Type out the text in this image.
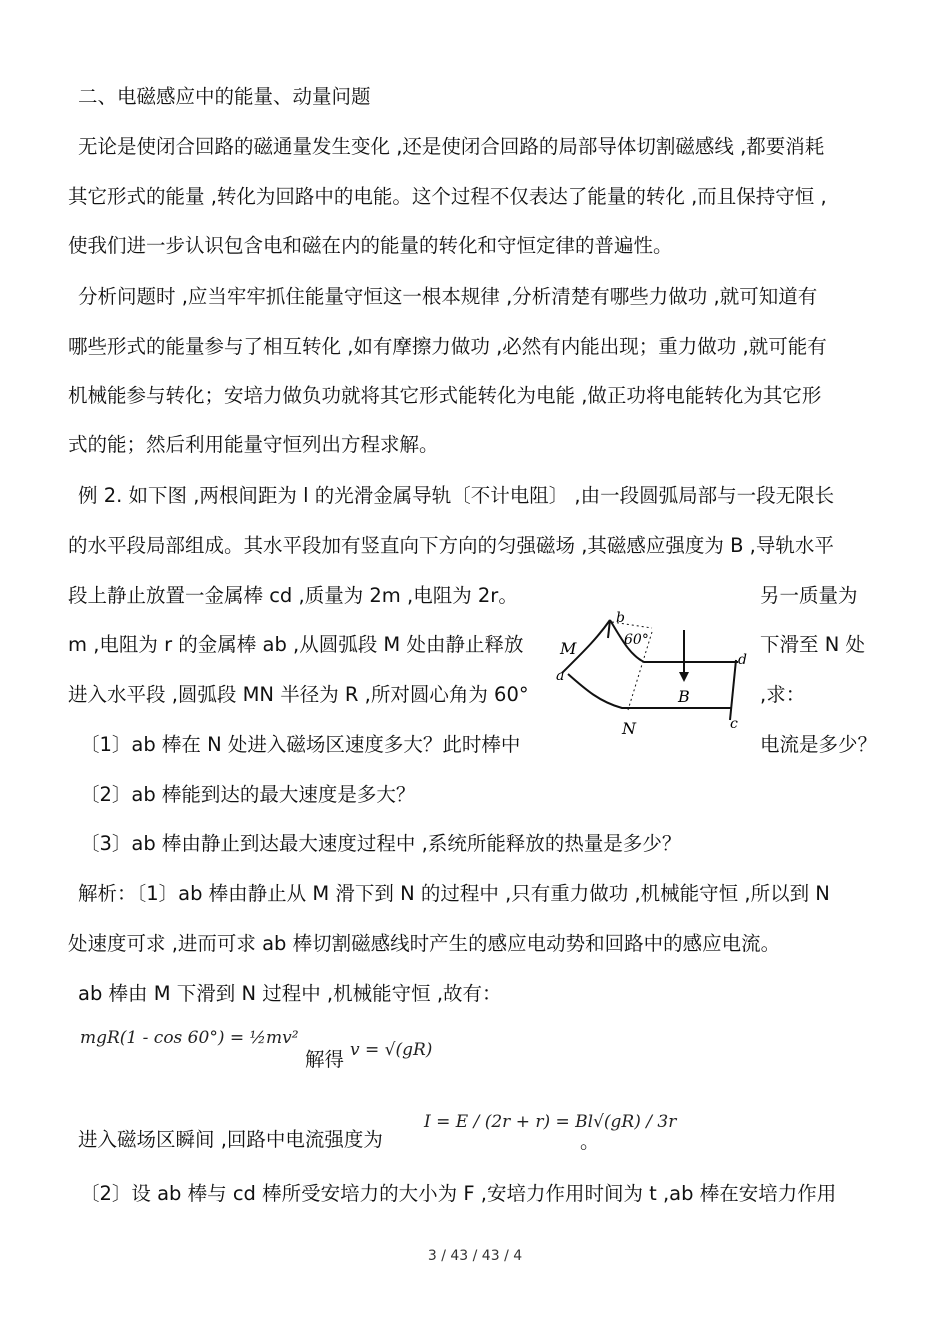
二、电磁感应中的能量、动量问题
无论是使闭合回路的磁通量发生变化 ,还是使闭合回路的局部导体切割磁感线 ,都要消耗
其它形式的能量 ,转化为回路中的电能。这个过程不仅表达了能量的转化 ,而且保持守恒 ,
使我们进一步认识包含电和磁在内的能量的转化和守恒定律的普遍性。
分析问题时 ,应当牢牢抓住能量守恒这一根本规律 ,分析清楚有哪些力做功 ,就可知道有
哪些形式的能量参与了相互转化 ,如有摩擦力做功 ,必然有内能出现；重力做功 ,就可能有
机械能参与转化；安培力做负功就将其它形式能转化为电能 ,做正功将电能转化为其它形
式的能；然后利用能量守恒列出方程求解。
例 2. 如下图 ,两根间距为 l 的光滑金属导轨〔不计电阻〕 ,由一段圆弧局部与一段无限长
的水平段局部组成。其水平段加有竖直向下方向的匀强磁场 ,其磁感应强度为 B ,导轨水平
段上静止放置一金属棒 cd ,质量为 2m ,电阻为 2r。	另一质量为
m ,电阻为 r 的金属棒 ab ,从圆弧段 M 处由静止释放	下滑至 N 处
进入水平段 ,圆弧段 MN 半径为 R ,所对圆心角为 60°	,求：
〔1〕ab 棒在 N 处进入磁场区速度多大？此时棒中	电流是多少？
〔2〕ab 棒能到达的最大速度是多大？
〔3〕ab 棒由静止到达最大速度过程中 ,系统所能释放的热量是多少？
解析：〔1〕ab 棒由静止从 M 滑下到 N 的过程中 ,只有重力做功 ,机械能守恒 ,所以到 N
处速度可求 ,进而可求 ab 棒切割磁感线时产生的感应电动势和回路中的感应电流。
ab 棒由 M 下滑到 N 过程中 ,机械能守恒 ,故有：
mgR(1 - cos 60°) = ½mv²
解得 v = √(gR)
进入磁场区瞬间 ,回路中电流强度为
I = E / (2r + r) = Bl√(gR) / 3r
。
〔2〕设 ab 棒与 cd 棒所受安培力的大小为 F ,安培力作用时间为 t ,ab 棒在安培力作用
b
60°
M
d
a
B
N	c
3 / 43 / 43 / 4
